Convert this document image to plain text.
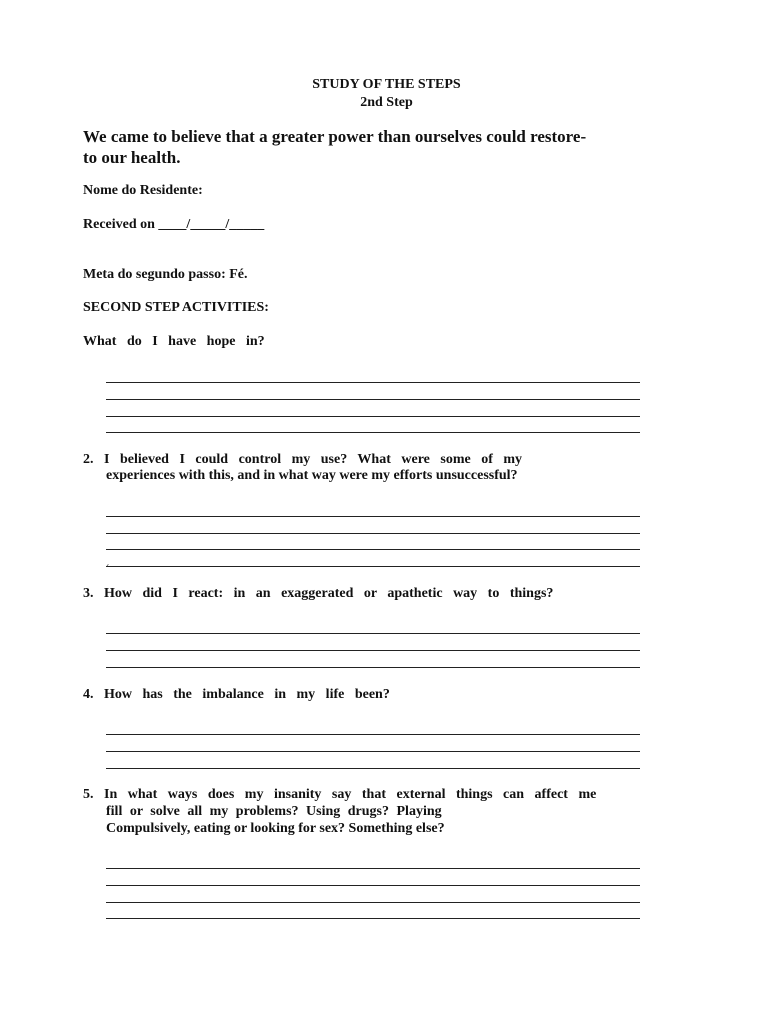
STUDY OF THE STEPS
2nd Step
We came to believe that a greater power than ourselves could restore-
to our health.
Nome do Residente:
Received on ____/_____/_____
Meta do segundo passo: Fé.
SECOND STEP ACTIVITIES:
What do I have hope in?
2. I believed I could control my use? What were some of my
experiences with this, and in what way were my efforts unsuccessful?
´
3. How did I react: in an exaggerated or apathetic way to things?
4. How has the imbalance in my life been?
5. In what ways does my insanity say that external things can affect me
fill or solve all my problems? Using drugs? Playing
Compulsively, eating or looking for sex? Something else?
